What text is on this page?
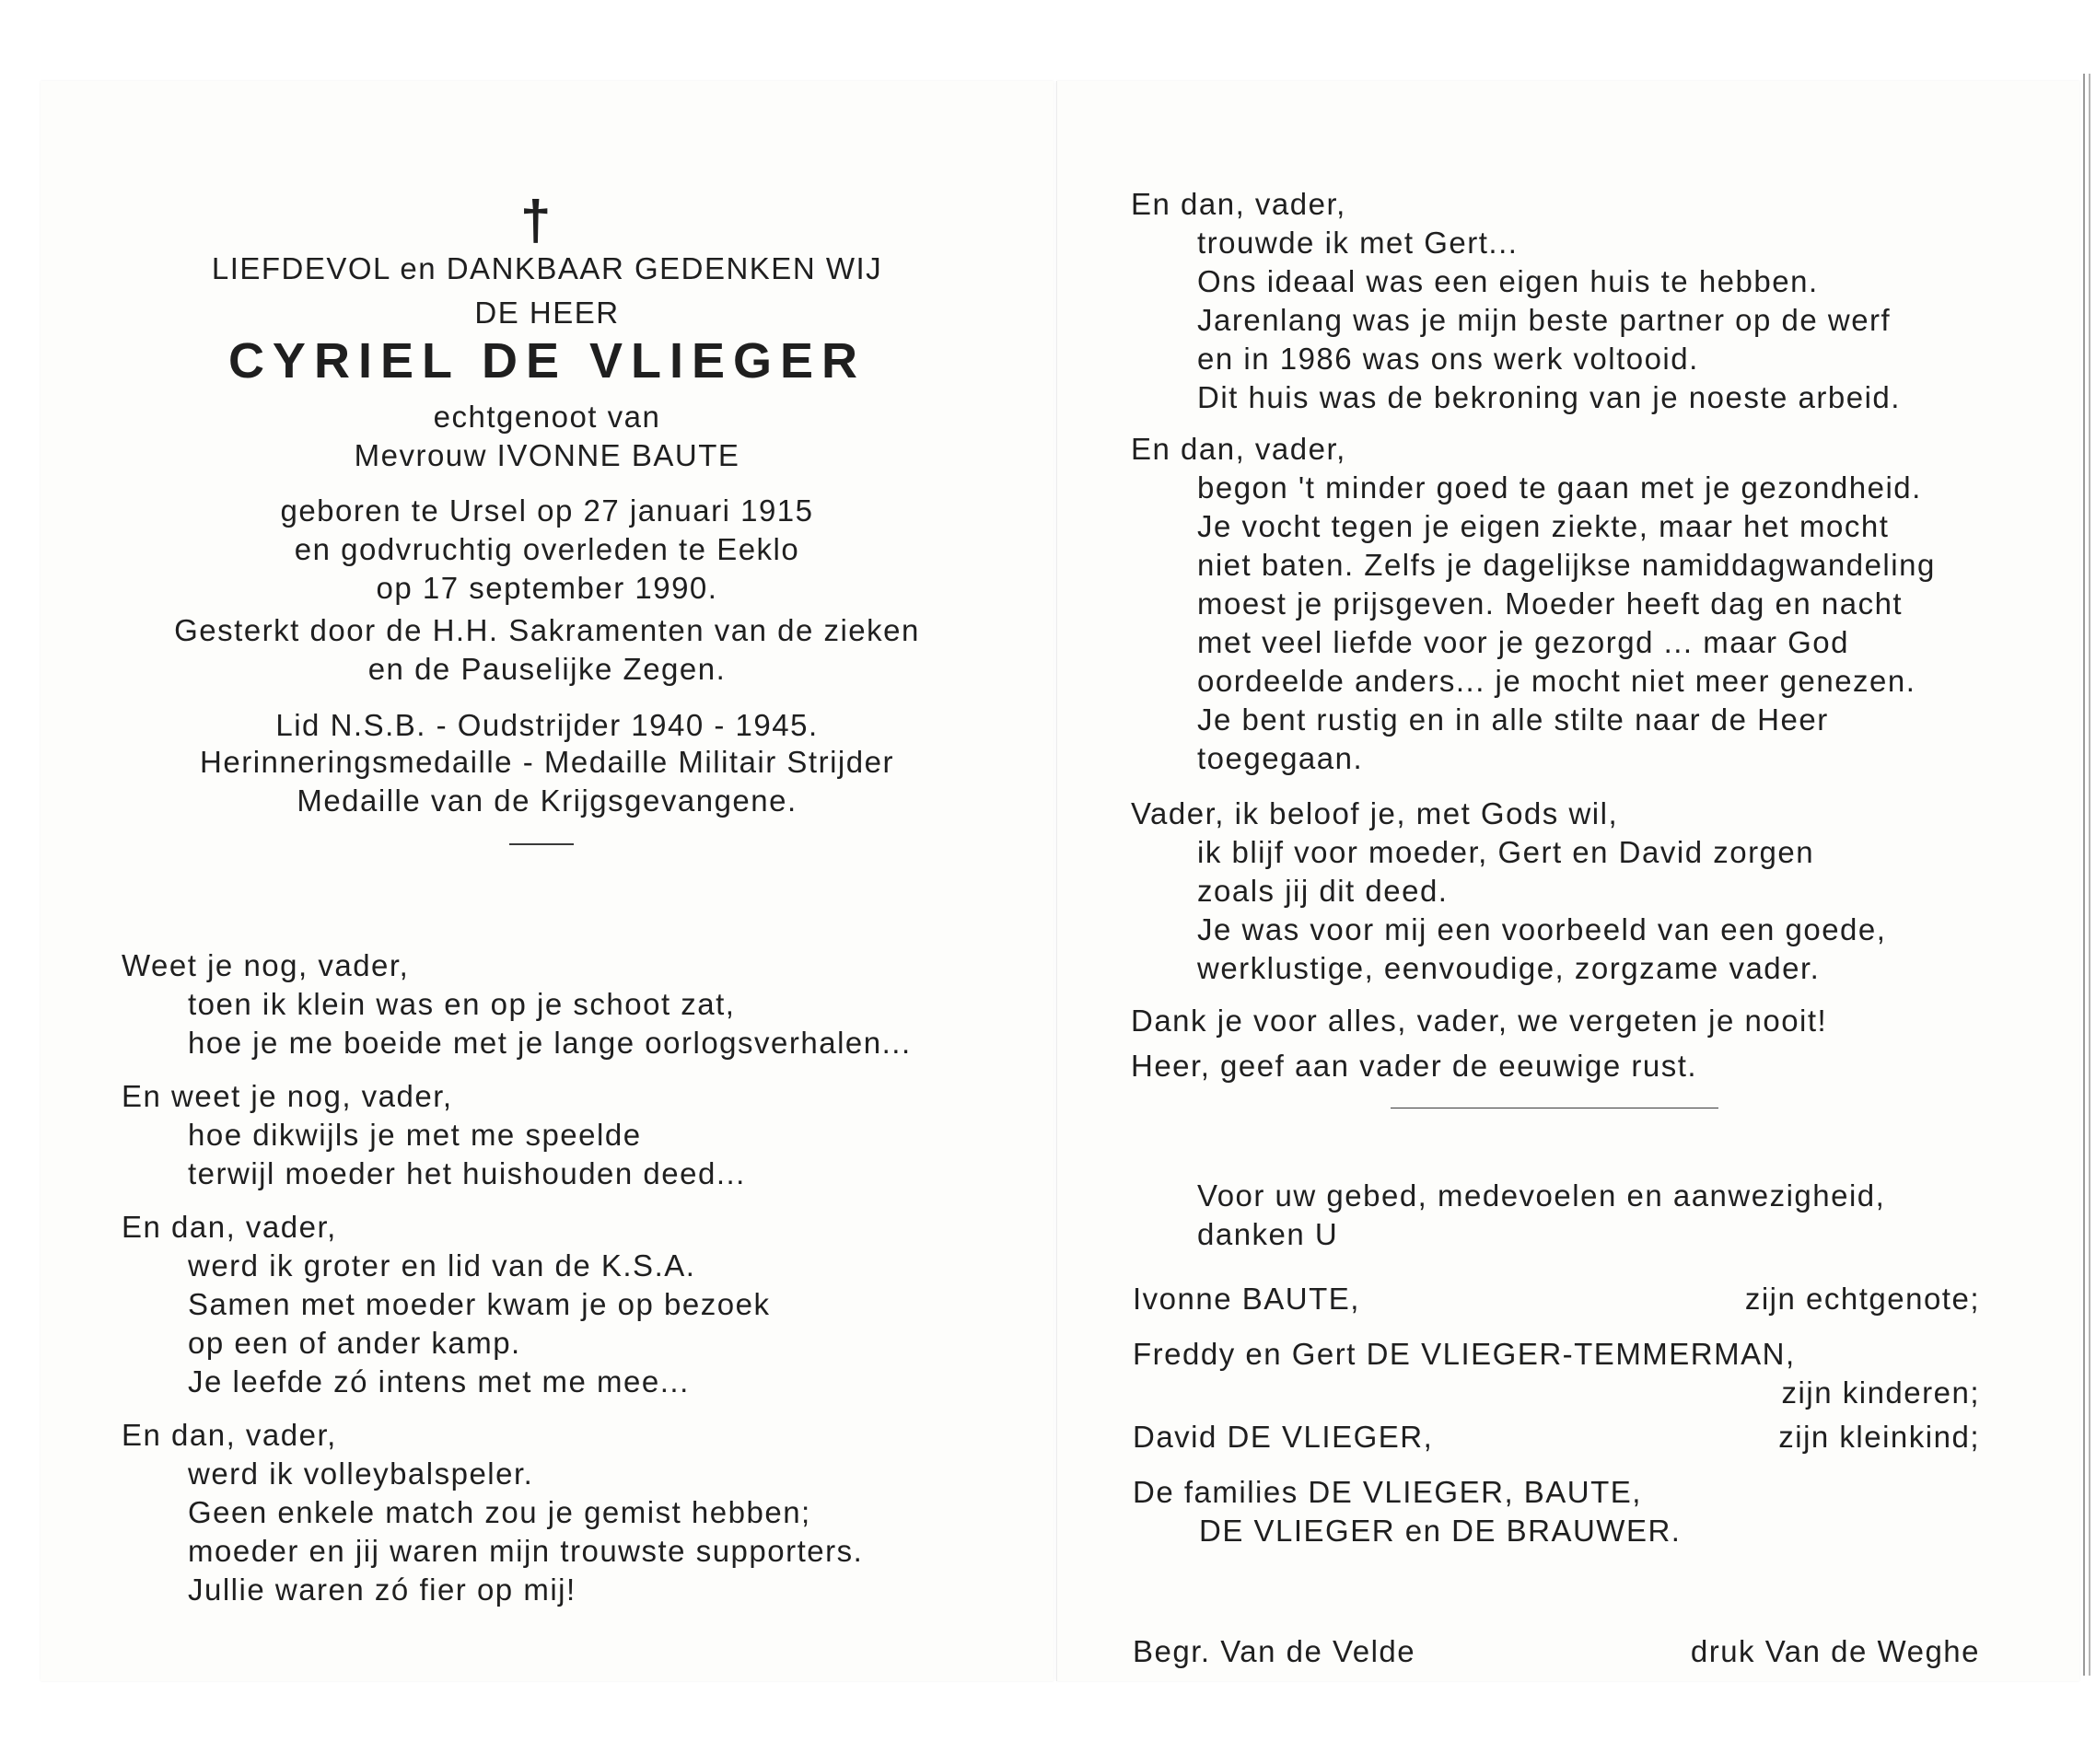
†
LIEFDEVOL en DANKBAAR GEDENKEN WIJ
DE HEER
CYRIEL DE VLIEGER
echtgenoot van
Mevrouw IVONNE BAUTE
geboren te Ursel op 27 januari 1915
en godvruchtig overleden te Eeklo
op 17 september 1990.
Gesterkt door de H.H. Sakramenten van de zieken
en de Pauselijke Zegen.
Lid N.S.B. - Oudstrijder 1940 - 1945.
Herinneringsmedaille - Medaille Militair Strijder
Medaille van de Krijgsgevangene.
Weet je nog, vader,
toen ik klein was en op je schoot zat,
hoe je me boeide met je lange oorlogsverhalen...
En weet je nog, vader,
hoe dikwijls je met me speelde
terwijl moeder het huishouden deed...
En dan, vader,
werd ik groter en lid van de K.S.A.
Samen met moeder kwam je op bezoek
op een of ander kamp.
Je leefde zó intens met me mee...
En dan, vader,
werd ik volleybalspeler.
Geen enkele match zou je gemist hebben;
moeder en jij waren mijn trouwste supporters.
Jullie waren zó fier op mij!
En dan, vader,
trouwde ik met Gert...
Ons ideaal was een eigen huis te hebben.
Jarenlang was je mijn beste partner op de werf
en in 1986 was ons werk voltooid.
Dit huis was de bekroning van je noeste arbeid.
En dan, vader,
begon 't minder goed te gaan met je gezondheid.
Je vocht tegen je eigen ziekte, maar het mocht
niet baten. Zelfs je dagelijkse namiddagwandeling
moest je prijsgeven. Moeder heeft dag en nacht
met veel liefde voor je gezorgd ... maar God
oordeelde anders... je mocht niet meer genezen.
Je bent rustig en in alle stilte naar de Heer
toegegaan.
Vader, ik beloof je, met Gods wil,
ik blijf voor moeder, Gert en David zorgen
zoals jij dit deed.
Je was voor mij een voorbeeld van een goede,
werklustige, eenvoudige, zorgzame vader.
Dank je voor alles, vader, we vergeten je nooit!
Heer, geef aan vader de eeuwige rust.
Voor uw gebed, medevoelen en aanwezigheid,
danken U
Ivonne BAUTE,	zijn echtgenote;
Freddy en Gert DE VLIEGER-TEMMERMAN,
zijn kinderen;
David DE VLIEGER,	zijn kleinkind;
De families DE VLIEGER, BAUTE,
DE VLIEGER en DE BRAUWER.
Begr. Van de Velde	druk Van de Weghe
